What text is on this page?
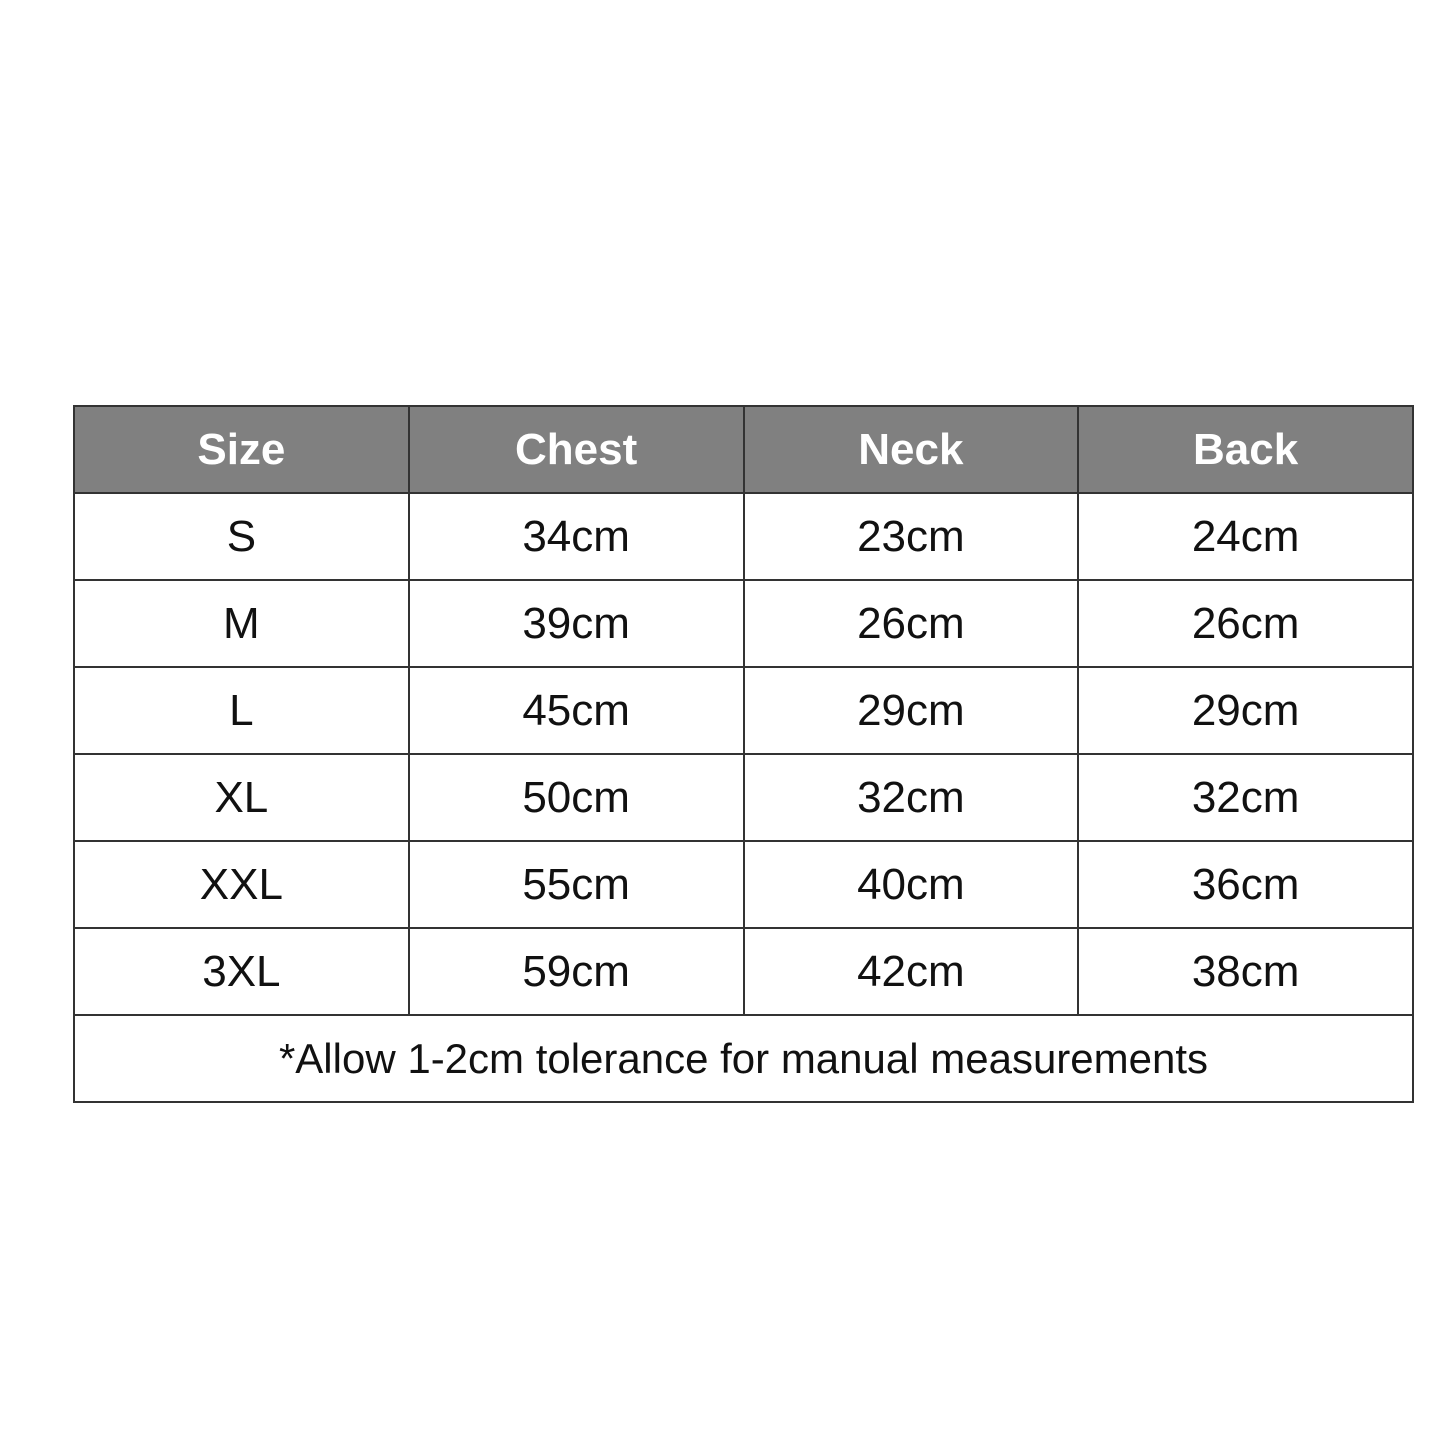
Size	Chest	Neck	Back
S	34cm	23cm	24cm
M	39cm	26cm	26cm
L	45cm	29cm	29cm
XL	50cm	32cm	32cm
XXL	55cm	40cm	36cm
3XL	59cm	42cm	38cm
*Allow 1-2cm tolerance for manual measurements			
